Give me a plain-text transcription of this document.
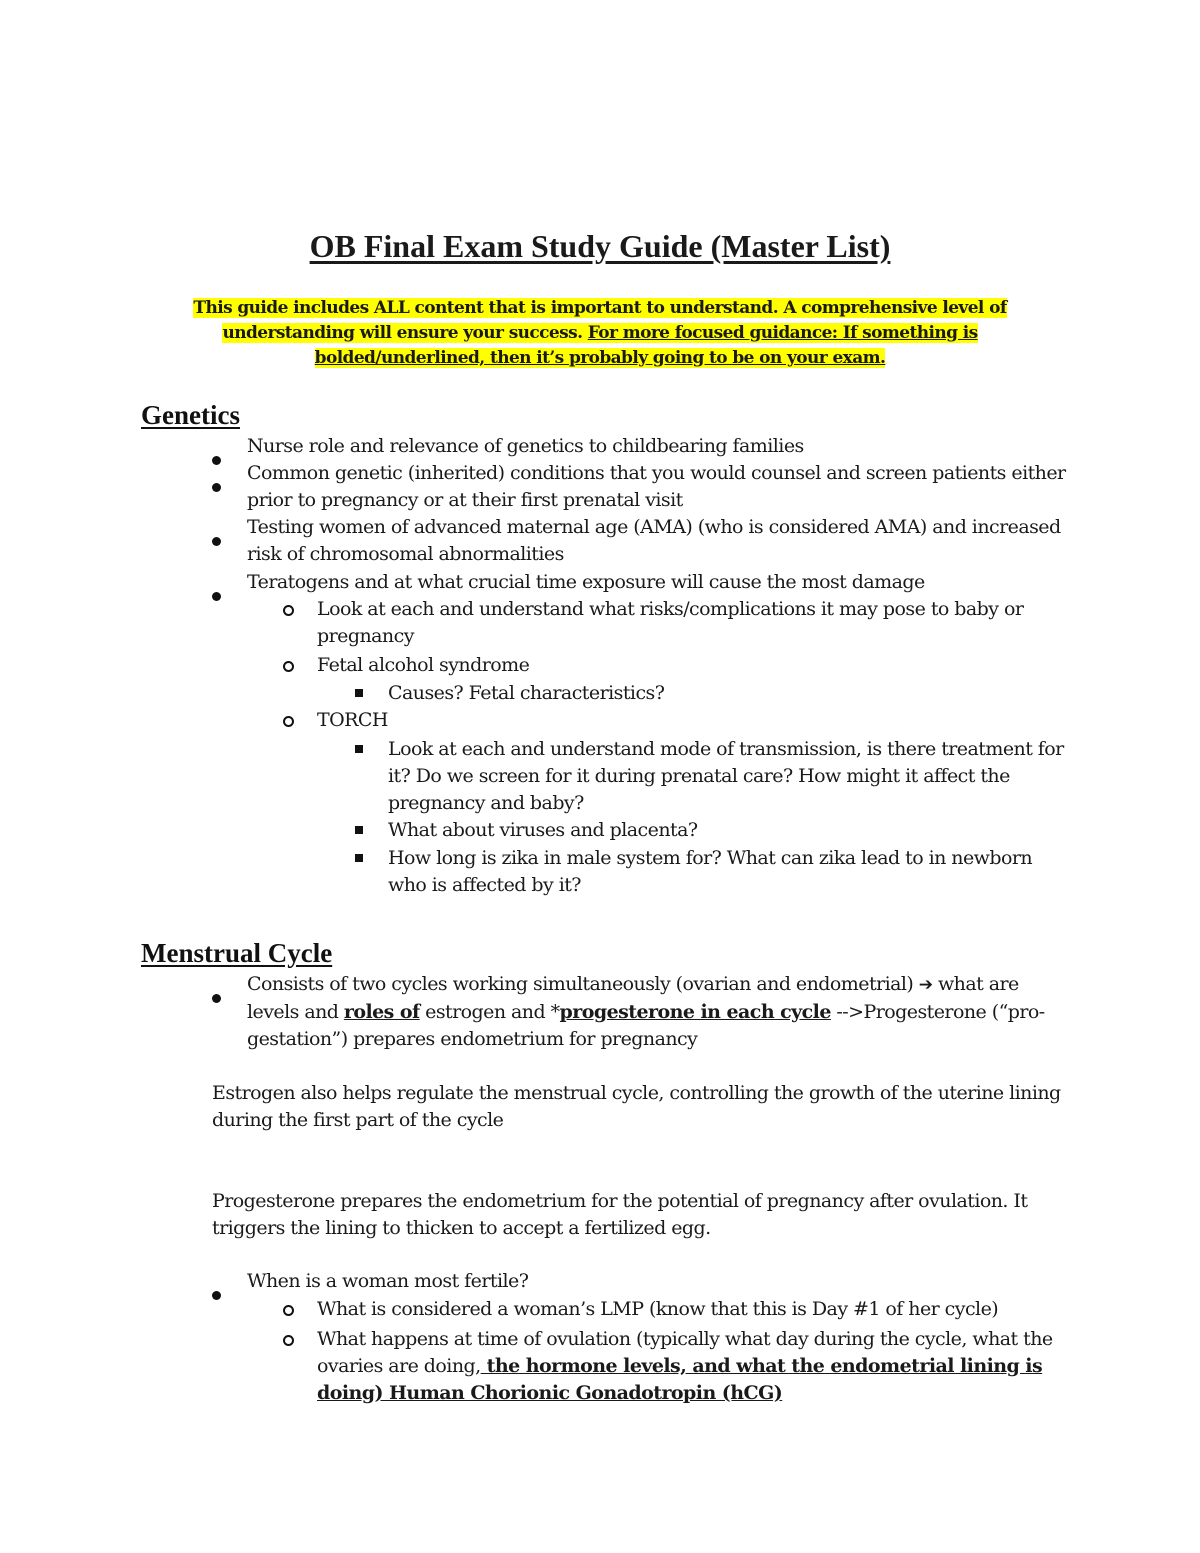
OB Final Exam Study Guide (Master List)

This guide includes ALL content that is important to understand. A comprehensive level of understanding will ensure your success. For more focused guidance: If something is bolded/underlined, then it’s probably going to be on your exam.

Genetics

Nurse role and relevance of genetics to childbearing families

Common genetic (inherited) conditions that you would counsel and screen patients either prior to pregnancy or at their first prenatal visit

Testing women of advanced maternal age (AMA) (who is considered AMA) and increased risk of chromosomal abnormalities

Teratogens and at what crucial time exposure will cause the most damage

Look at each and understand what risks/complications it may pose to baby or pregnancy

Fetal alcohol syndrome

Causes? Fetal characteristics?

TORCH

Look at each and understand mode of transmission, is there treatment for it? Do we screen for it during prenatal care? How might it affect the pregnancy and baby?

What about viruses and placenta?

How long is zika in male system for? What can zika lead to in newborn who is affected by it?

Menstrual Cycle

Consists of two cycles working simultaneously (ovarian and endometrial) ➔ what are levels and roles of estrogen and *progesterone in each cycle -->Progesterone (“pro-gestation”) prepares endometrium for pregnancy

Estrogen also helps regulate the menstrual cycle, controlling the growth of the uterine lining during the first part of the cycle

Progesterone prepares the endometrium for the potential of pregnancy after ovulation. It triggers the lining to thicken to accept a fertilized egg.

When is a woman most fertile?

What is considered a woman’s LMP (know that this is Day #1 of her cycle)

What happens at time of ovulation (typically what day during the cycle, what the ovaries are doing, the hormone levels, and what the endometrial lining is doing) Human Chorionic Gonadotropin (hCG)
